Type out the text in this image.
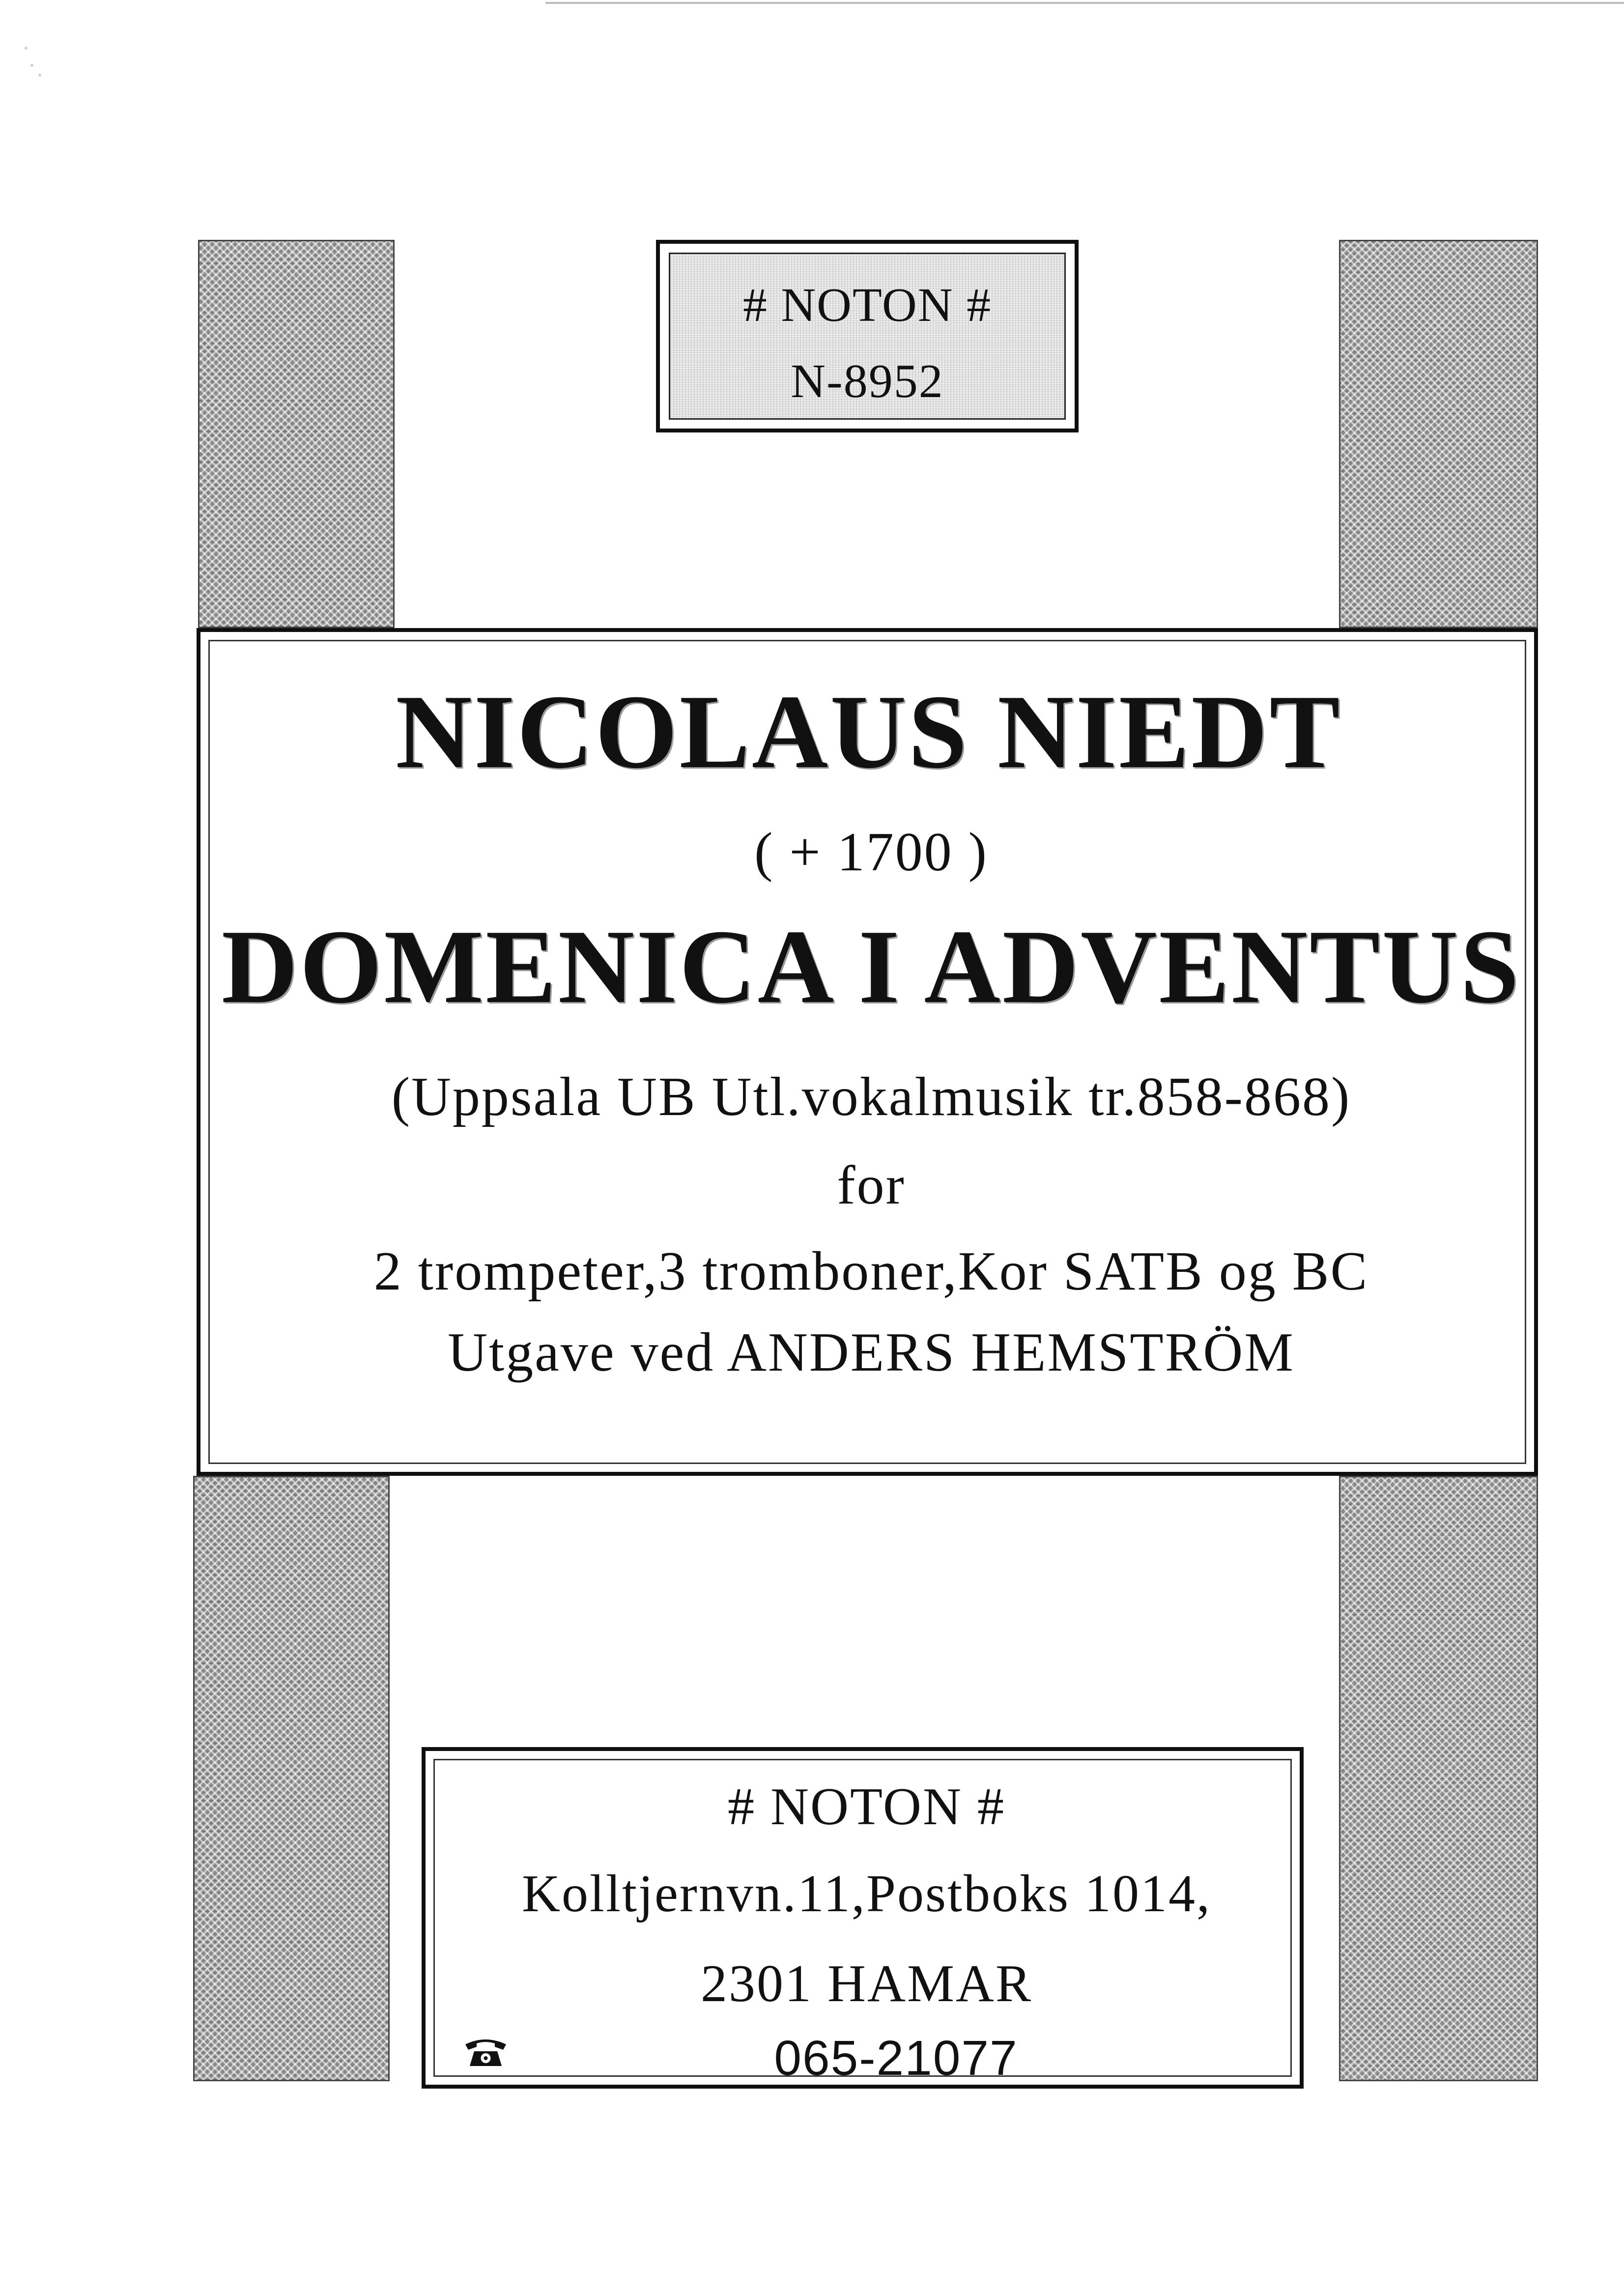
# NOTON #
N-8952
NICOLAUS NIEDT
( + 1700 )
DOMENICA I ADVENTUS
(Uppsala UB Utl.vokalmusik tr.858-868)
for
2 trompeter,3 tromboner,Kor SATB og BC
Utgave ved ANDERS HEMSTRÖM
# NOTON #
Kolltjernvn.11,Postboks 1014,
2301 HAMAR
065-21077
